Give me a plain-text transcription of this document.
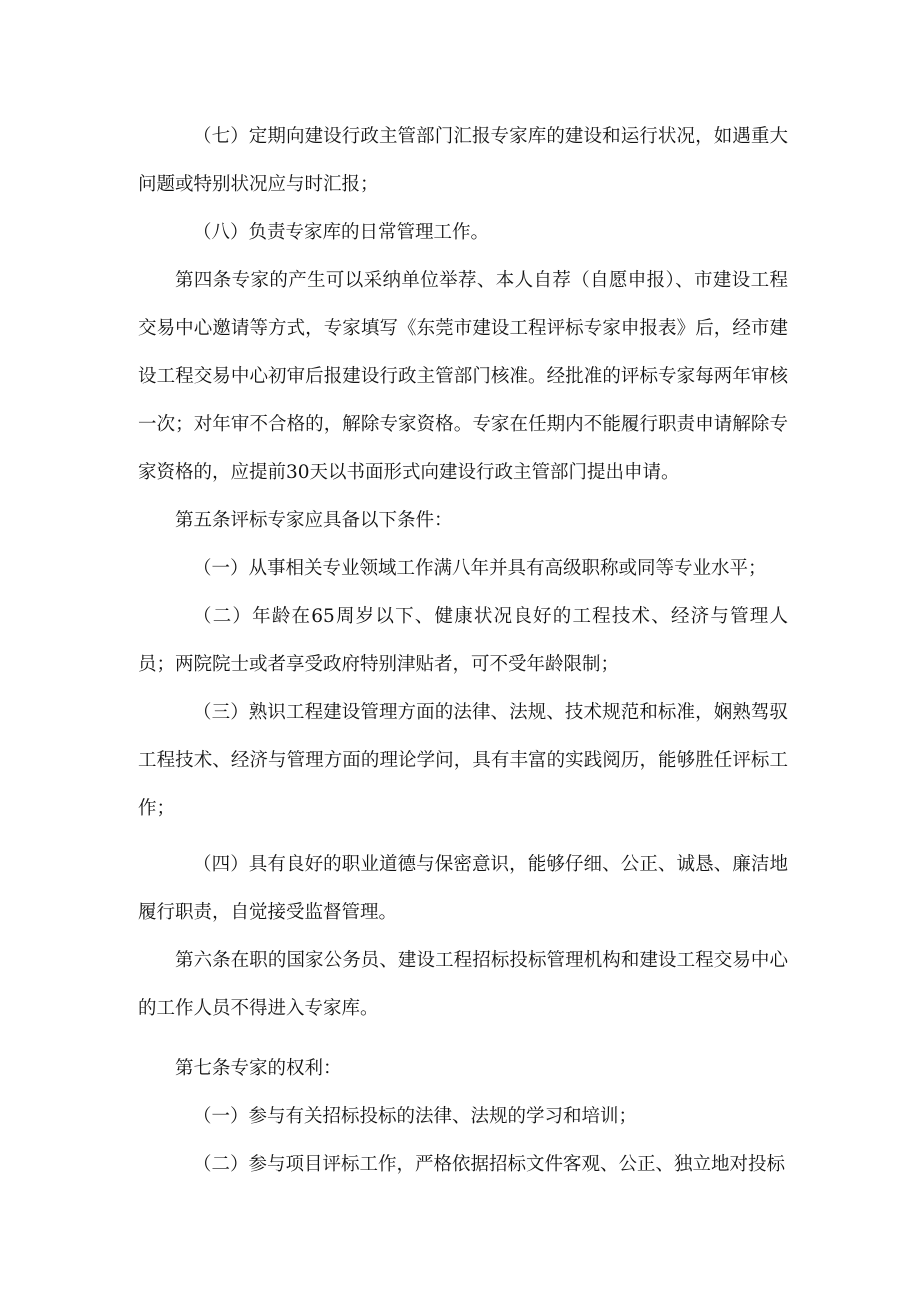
（七）定期向建设行政主管部门汇报专家库的建设和运行状况，如遇重大问题或特别状况应与时汇报；

（八）负责专家库的日常管理工作。

第四条专家的产生可以采纳单位举荐、本人自荐（自愿申报）、市建设工程交易中心邀请等方式，专家填写《东莞市建设工程评标专家申报表》后，经市建设工程交易中心初审后报建设行政主管部门核准。经批准的评标专家每两年审核一次；对年审不合格的，解除专家资格。专家在任期内不能履行职责申请解除专家资格的，应提前30天以书面形式向建设行政主管部门提出申请。

第五条评标专家应具备以下条件：

（一）从事相关专业领域工作满八年并具有高级职称或同等专业水平；

（二）年龄在65周岁以下、健康状况良好的工程技术、经济与管理人员；两院院士或者享受政府特别津贴者，可不受年龄限制；

（三）熟识工程建设管理方面的法律、法规、技术规范和标准，娴熟驾驭工程技术、经济与管理方面的理论学问，具有丰富的实践阅历，能够胜任评标工作；

（四）具有良好的职业道德与保密意识，能够仔细、公正、诚恳、廉洁地履行职责，自觉接受监督管理。

第六条在职的国家公务员、建设工程招标投标管理机构和建设工程交易中心的工作人员不得进入专家库。

第七条专家的权利：

（一）参与有关招标投标的法律、法规的学习和培训；

（二）参与项目评标工作，严格依据招标文件客观、公正、独立地对投标
